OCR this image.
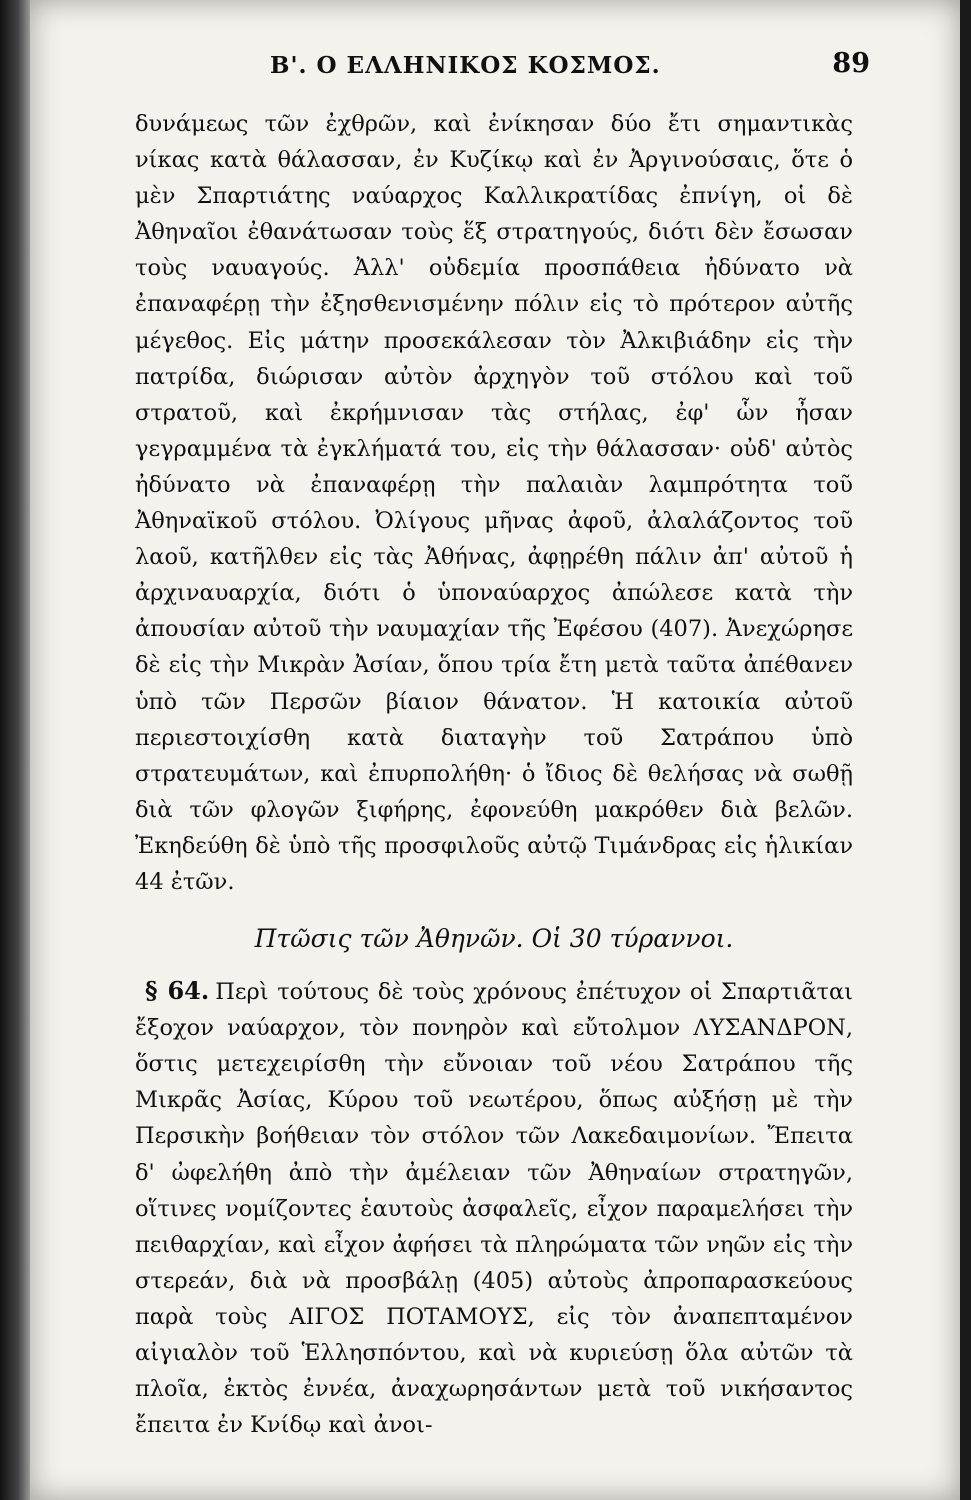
Β'. Ο ΕΛΛΗΝΙΚΟΣ ΚΟΣΜΟΣ.	89

δυνάμεως τῶν ἐχθρῶν, καὶ ἐνίκησαν δύο ἔτι σημαντικὰς νίκας κατὰ θάλασσαν, ἐν Κυζίκῳ καὶ ἐν Ἀργινούσαις, ὅτε ὁ μὲν Σπαρτιάτης ναύαρχος Καλλικρατίδας ἐπνίγη, οἱ δὲ Ἀθηναῖοι ἐθανάτωσαν τοὺς ἕξ στρατηγούς, διότι δὲν ἔσωσαν τοὺς ναυαγούς. Ἀλλ' οὐδεμία προσπάθεια ἠδύνατο νὰ ἐπαναφέρῃ τὴν ἐξησθενισμένην πόλιν εἰς τὸ πρότερον αὐτῆς μέγεθος. Εἰς μάτην προσεκάλεσαν τὸν Ἀλκιβιάδην εἰς τὴν πατρίδα, διώρισαν αὐτὸν ἀρχηγὸν τοῦ στόλου καὶ τοῦ στρατοῦ, καὶ ἐκρήμνισαν τὰς στήλας, ἐφ' ὧν ἦσαν γεγραμμένα τὰ ἐγκλήματά του, εἰς τὴν θάλασσαν· οὐδ' αὐτὸς ἠδύνατο νὰ ἐπαναφέρῃ τὴν παλαιὰν λαμπρότητα τοῦ Ἀθηναϊκοῦ στόλου. Ὀλίγους μῆνας ἀφοῦ, ἀλαλάζοντος τοῦ λαοῦ, κατῆλθεν εἰς τὰς Ἀθήνας, ἀφῃρέθη πάλιν ἀπ' αὐτοῦ ἡ ἀρχιναυαρχία, διότι ὁ ὑποναύαρχος ἀπώλεσε κατὰ τὴν ἀπουσίαν αὐτοῦ τὴν ναυμαχίαν τῆς Ἐφέσου (407). Ἀνεχώρησε δὲ εἰς τὴν Μικρὰν Ἀσίαν, ὅπου τρία ἔτη μετὰ ταῦτα ἀπέθανεν ὑπὸ τῶν Περσῶν βίαιον θάνατον. Ἡ κατοικία αὐτοῦ περιεστοιχίσθη κατὰ διαταγὴν τοῦ Σατράπου ὑπὸ στρατευμάτων, καὶ ἐπυρπολήθη· ὁ ἴδιος δὲ θελήσας νὰ σωθῇ διὰ τῶν φλογῶν ξιφήρης, ἐφονεύθη μακρόθεν διὰ βελῶν. Ἐκηδεύθη δὲ ὑπὸ τῆς προσφιλοῦς αὐτῷ Τιμάνδρας εἰς ἡλικίαν 44 ἐτῶν.

Πτῶσις τῶν Ἀθηνῶν. Οἱ 30 τύραννοι.

§ 64. Περὶ τούτους δὲ τοὺς χρόνους ἐπέτυχον οἱ Σπαρτιᾶται ἔξοχον ναύαρχον, τὸν πονηρὸν καὶ εὔτολμον ΛΥΣΑΝΔΡΟΝ, ὅστις μετεχειρίσθη τὴν εὔνοιαν τοῦ νέου Σατράπου τῆς Μικρᾶς Ἀσίας, Κύρου τοῦ νεωτέρου, ὅπως αὐξήσῃ μὲ τὴν Περσικὴν βοήθειαν τὸν στόλον τῶν Λακεδαιμονίων. Ἔπειτα δ' ὠφελήθη ἀπὸ τὴν ἀμέλειαν τῶν Ἀθηναίων στρατηγῶν, οἵτινες νομίζοντες ἑαυτοὺς ἀσφαλεῖς, εἶχον παραμελήσει τὴν πειθαρχίαν, καὶ εἶχον ἀφήσει τὰ πληρώματα τῶν νηῶν εἰς τὴν στερεάν, διὰ νὰ προσβάλῃ (405) αὐτοὺς ἀπροπαρασκεύους παρὰ τοὺς ΑΙΓΟΣ ΠΟΤΑΜΟΥΣ, εἰς τὸν ἀναπεπταμένον αἰγιαλὸν τοῦ Ἑλλησπόντου, καὶ νὰ κυριεύσῃ ὅλα αὐτῶν τὰ πλοῖα, ἐκτὸς ἐννέα, ἀναχωρησάντων μετὰ τοῦ νικήσαντος ἔπειτα ἐν Κνίδῳ καὶ ἀνοι-
